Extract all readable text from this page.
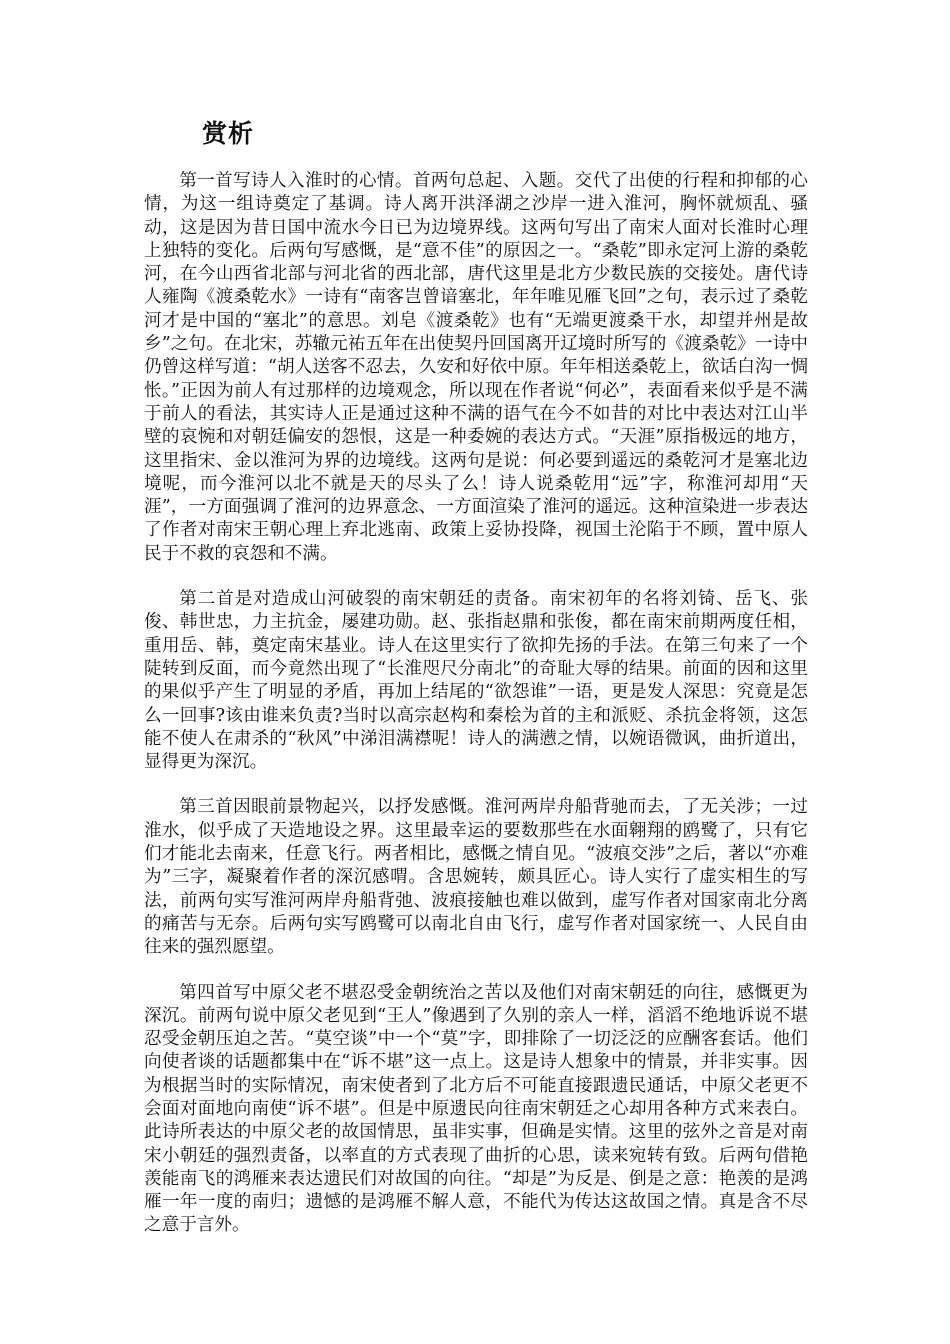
赏析

第一首写诗人入淮时的心情。首两句总起、入题。交代了出使的行程和抑郁的心情，为这一组诗奠定了基调。诗人离开洪泽湖之沙岸一进入淮河，胸怀就烦乱、骚动，这是因为昔日国中流水今日已为边境界线。这两句写出了南宋人面对长淮时心理上独特的变化。后两句写感慨，是“意不佳”的原因之一。“桑乾”即永定河上游的桑乾河，在今山西省北部与河北省的西北部，唐代这里是北方少数民族的交接处。唐代诗人雍陶《渡桑乾水》一诗有“南客岂曾谙塞北，年年唯见雁飞回”之句，表示过了桑乾河才是中国的“塞北”的意思。刘皂《渡桑乾》也有“无端更渡桑干水，却望并州是故乡”之句。在北宋，苏辙元祐五年在出使契丹回国离开辽境时所写的《渡桑乾》一诗中仍曾这样写道：“胡人送客不忍去，久安和好依中原。年年相送桑乾上，欲话白沟一惆怅。”正因为前人有过那样的边境观念，所以现在作者说“何必”，表面看来似乎是不满于前人的看法，其实诗人正是通过这种不满的语气在今不如昔的对比中表达对江山半壁的哀惋和对朝廷偏安的怨恨，这是一种委婉的表达方式。“天涯”原指极远的地方，这里指宋、金以淮河为界的边境线。这两句是说：何必要到遥远的桑乾河才是塞北边境呢，而今淮河以北不就是天的尽头了么！诗人说桑乾用“远”字，称淮河却用“天涯”，一方面强调了淮河的边界意念、一方面渲染了淮河的遥远。这种渲染进一步表达了作者对南宋王朝心理上弃北逃南、政策上妥协投降，视国土沦陷于不顾，置中原人民于不救的哀怨和不满。

第二首是对造成山河破裂的南宋朝廷的责备。南宋初年的名将刘锜、岳飞、张俊、韩世忠，力主抗金，屡建功勋。赵、张指赵鼎和张俊，都在南宋前期两度任相，重用岳、韩，奠定南宋基业。诗人在这里实行了欲抑先扬的手法。在第三句来了一个陡转到反面，而今竟然出现了“长淮咫尺分南北”的奇耻大辱的结果。前面的因和这里的果似乎产生了明显的矛盾，再加上结尾的“欲怨谁”一语，更是发人深思：究竟是怎么一回事?该由谁来负责?当时以高宗赵构和秦桧为首的主和派贬、杀抗金将领，这怎能不使人在肃杀的“秋风”中涕泪满襟呢！诗人的满懑之情，以婉语微讽，曲折道出，显得更为深沉。

第三首因眼前景物起兴，以抒发感慨。淮河两岸舟船背驰而去，了无关涉；一过淮水，似乎成了天造地设之界。这里最幸运的要数那些在水面翱翔的鸥鹭了，只有它们才能北去南来，任意飞行。两者相比，感慨之情自见。“波痕交涉”之后，著以“亦难为”三字，凝聚着作者的深沉感喟。含思婉转，颇具匠心。诗人实行了虚实相生的写法，前两句实写淮河两岸舟船背弛、波痕接触也难以做到，虚写作者对国家南北分离的痛苦与无奈。后两句实写鸥鹭可以南北自由飞行，虚写作者对国家统一、人民自由往来的强烈愿望。

第四首写中原父老不堪忍受金朝统治之苦以及他们对南宋朝廷的向往，感慨更为深沉。前两句说中原父老见到“王人”像遇到了久别的亲人一样，滔滔不绝地诉说不堪忍受金朝压迫之苦。“莫空谈”中一个“莫”字，即排除了一切泛泛的应酬客套话。他们向使者谈的话题都集中在“诉不堪”这一点上。这是诗人想象中的情景，并非实事。因为根据当时的实际情况，南宋使者到了北方后不可能直接跟遗民通话，中原父老更不会面对面地向南使“诉不堪”。但是中原遗民向往南宋朝廷之心却用各种方式来表白。此诗所表达的中原父老的故国情思，虽非实事，但确是实情。这里的弦外之音是对南宋小朝廷的强烈责备，以率直的方式表现了曲折的心思，读来宛转有致。后两句借艳羡能南飞的鸿雁来表达遗民们对故国的向往。“却是”为反是、倒是之意：艳羡的是鸿雁一年一度的南归；遗憾的是鸿雁不解人意，不能代为传达这故国之情。真是含不尽之意于言外。
